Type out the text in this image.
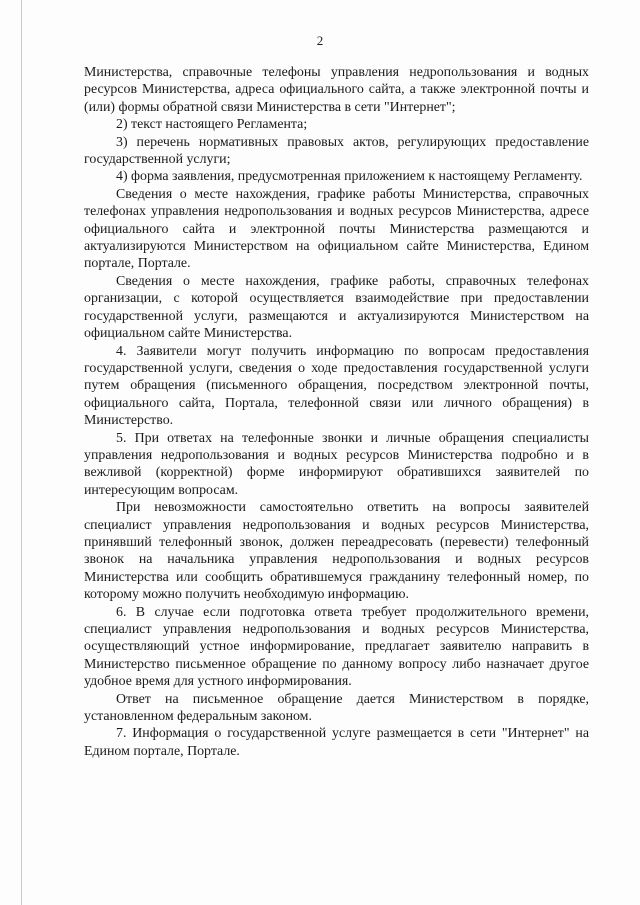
2

Министерства, справочные телефоны управления недропользования и водных ресурсов Министерства, адреса официального сайта, а также электронной почты и (или) формы обратной связи Министерства в сети "Интернет";

2) текст настоящего Регламента;

3) перечень нормативных правовых актов, регулирующих предоставление государственной услуги;

4) форма заявления, предусмотренная приложением к настоящему Регламенту.

Сведения о месте нахождения, графике работы Министерства, справочных телефонах управления недропользования и водных ресурсов Министерства, адресе официального сайта и электронной почты Министерства размещаются и актуализируются Министерством на официальном сайте Министерства, Едином портале, Портале.

Сведения о месте нахождения, графике работы, справочных телефонах организации, с которой осуществляется взаимодействие при предоставлении государственной услуги, размещаются и актуализируются Министерством на официальном сайте Министерства.

4. Заявители могут получить информацию по вопросам предоставления государственной услуги, сведения о ходе предоставления государственной услуги путем обращения (письменного обращения, посредством электронной почты, официального сайта, Портала, телефонной связи или личного обращения) в Министерство.

5. При ответах на телефонные звонки и личные обращения специалисты управления недропользования и водных ресурсов Министерства подробно и в вежливой (корректной) форме информируют обратившихся заявителей по интересующим вопросам.

При невозможности самостоятельно ответить на вопросы заявителей специалист управления недропользования и водных ресурсов Министерства, принявший телефонный звонок, должен переадресовать (перевести) телефонный звонок на начальника управления недропользования и водных ресурсов Министерства или сообщить обратившемуся гражданину телефонный номер, по которому можно получить необходимую информацию.

6. В случае если подготовка ответа требует продолжительного времени, специалист управления недропользования и водных ресурсов Министерства, осуществляющий устное информирование, предлагает заявителю направить в Министерство письменное обращение по данному вопросу либо назначает другое удобное время для устного информирования.

Ответ на письменное обращение дается Министерством в порядке, установленном федеральным законом.

7. Информация о государственной услуге размещается в сети "Интернет" на Едином портале, Портале.
